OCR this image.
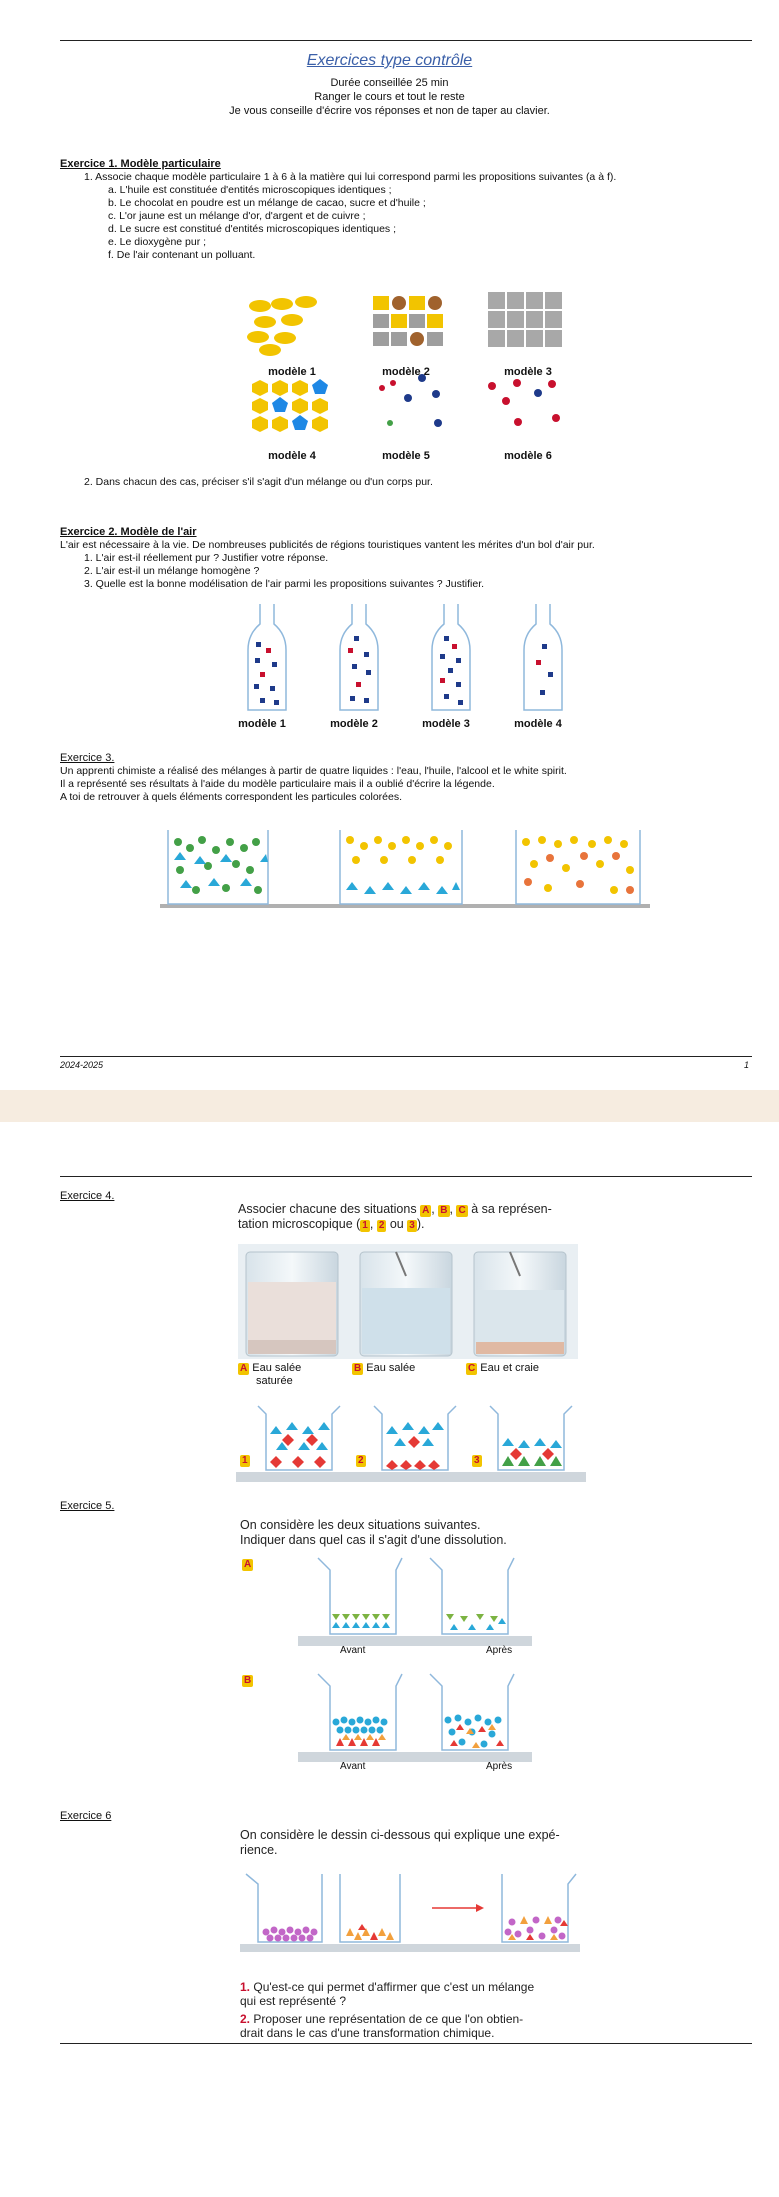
Exercices type contrôle
Durée conseillée 25 min
Ranger le cours et tout le reste
Je vous conseille d'écrire vos réponses et non de taper au clavier.
Exercice 1. Modèle particulaire
1. Associe chaque modèle particulaire 1 à 6 à la matière qui lui correspond parmi les propositions suivantes (a à f).
a. L'huile est constituée d'entités microscopiques identiques ;
b. Le chocolat en poudre est un mélange de cacao, sucre et d'huile ;
c. L'or jaune est un mélange d'or, d'argent et de cuivre ;
d. Le sucre est constitué d'entités microscopiques identiques ;
e. Le dioxygène pur ;
f. De l'air contenant un polluant.
modèle 1	modèle 2	modèle 3
modèle 4	modèle 5	modèle 6
2. Dans chacun des cas, préciser s'il s'agit d'un mélange ou d'un corps pur.
Exercice 2. Modèle de l'air
L'air est nécessaire à la vie. De nombreuses publicités de régions touristiques vantent les mérites d'un bol d'air pur.
1. L'air est-il réellement pur ? Justifier votre réponse.
2. L'air est-il un mélange homogène ?
3. Quelle est la bonne modélisation de l'air parmi les propositions suivantes ? Justifier.
modèle 1	modèle 2	modèle 3	modèle 4
Exercice 3.
Un apprenti chimiste a réalisé des mélanges à partir de quatre liquides : l'eau, l'huile, l'alcool et le white spirit.
Il a représenté ses résultats à l'aide du modèle particulaire mais il a oublié d'écrire la légende.
A toi de retrouver à quels éléments correspondent les particules colorées.
2024-2025	1
Exercice 4.
Associer chacune des situations A , B , C à sa représen-
tation microscopique ( 1 , 2 ou 3 ).
A Eau salée
saturée
B Eau salée	C Eau et craie
1	2	3
Exercice 5.
On considère les deux situations suivantes.
Indiquer dans quel cas il s'agit d'une dissolution.
A
Avant	Après
B
Avant	Après
Exercice 6
On considère le dessin ci-dessous qui explique une expé-
rience.
1. Qu'est-ce qui permet d'affirmer que c'est un mélange
qui est représenté ?
2. Proposer une représentation de ce que l'on obtien-
drait dans le cas d'une transformation chimique.
